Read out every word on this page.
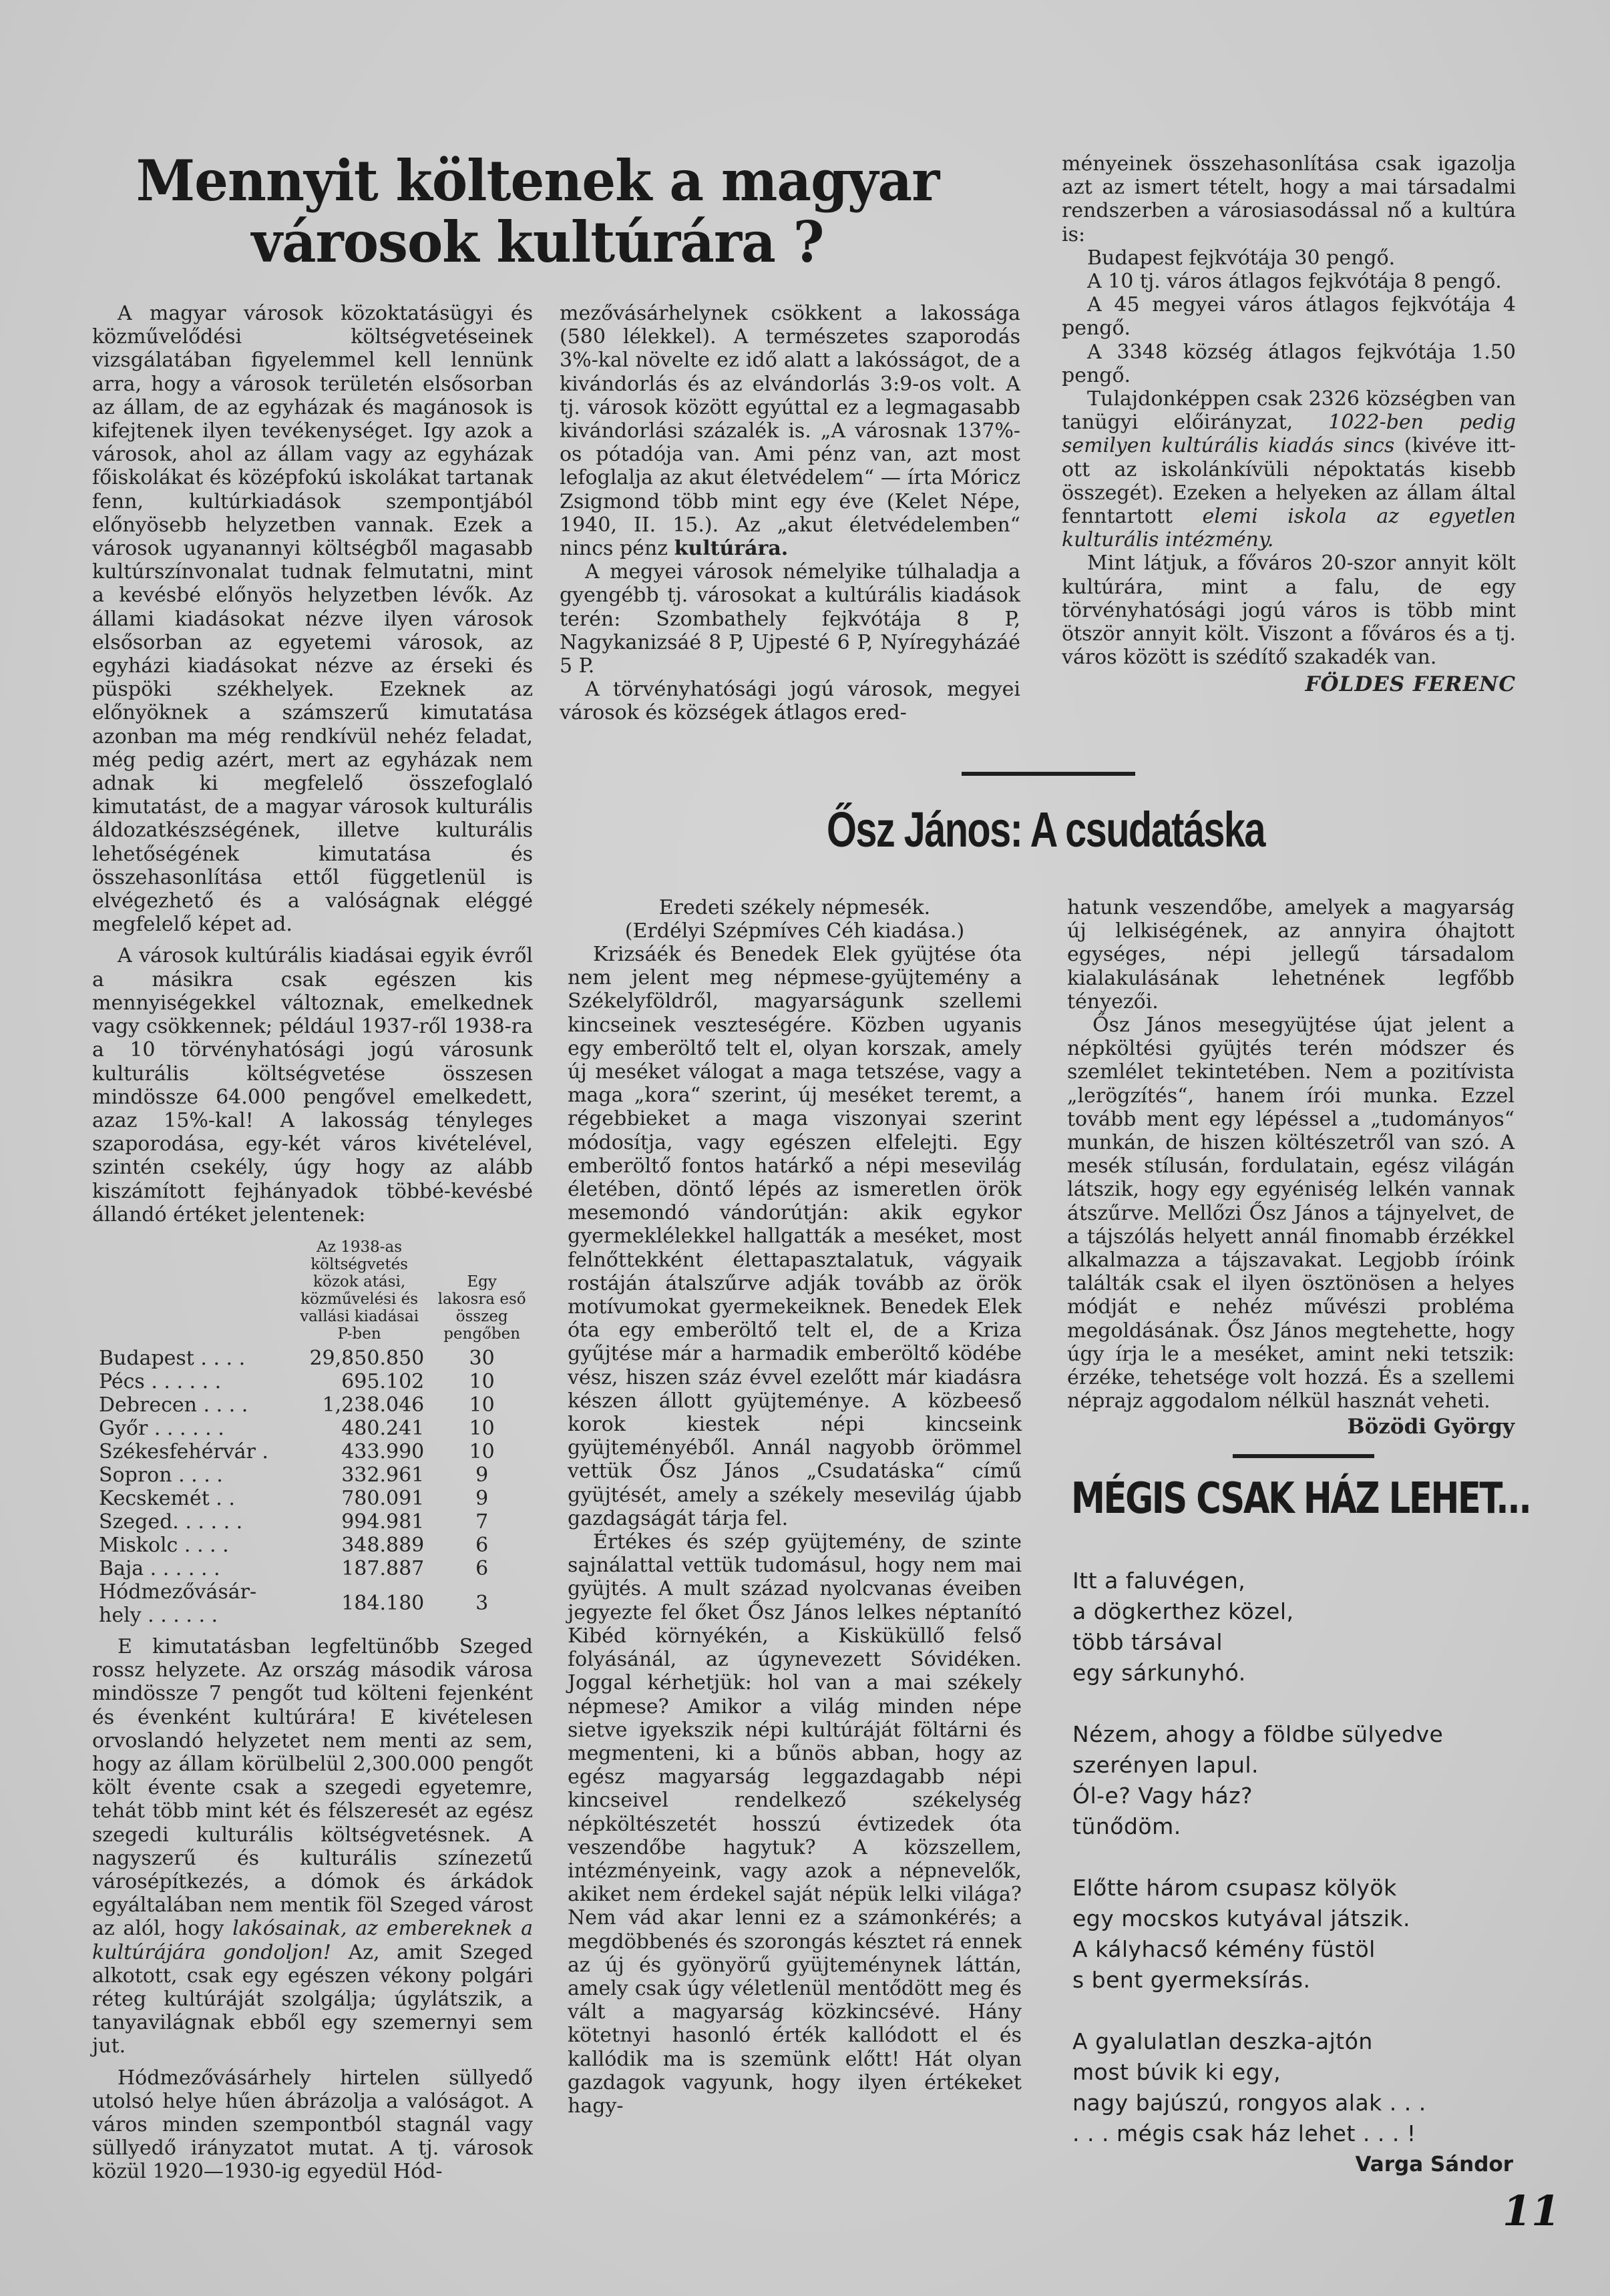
Mennyit költenek a magyar városok kultúrára ?

A magyar városok közoktatásügyi és közművelődési költségvetéseinek vizsgálatában figyelemmel kell lennünk arra, hogy a városok területén elsősorban az állam, de az egyházak és magánosok is kifejtenek ilyen tevékenységet. Igy azok a városok, ahol az állam vagy az egyházak főiskolákat és középfokú iskolákat tartanak fenn, kultúrkiadások szempontjából előnyösebb helyzetben vannak. Ezek a városok ugyanannyi költségből magasabb kultúrszínvonalat tudnak felmutatni, mint a kevésbé előnyös helyzetben lévők. Az állami kiadásokat nézve ilyen városok elsősorban az egyetemi városok, az egyházi kiadásokat nézve az érseki és püspöki székhelyek. Ezeknek az előnyöknek a számszerű kimutatása azonban ma még rendkívül nehéz feladat, még pedig azért, mert az egyházak nem adnak ki megfelelő összefoglaló kimutatást, de a magyar városok kulturális áldozatkészségének, illetve kulturális lehetőségének kimutatása és összehasonlítása ettől függetlenül is elvégezhető és a valóságnak eléggé megfelelő képet ad.

A városok kultúrális kiadásai egyik évről a másikra csak egészen kis mennyiségekkel változnak, emelkednek vagy csökkennek; például 1937-ről 1938-ra a 10 törvényhatósági jogú városunk kulturális költségvetése összesen mindössze 64.000 pengővel emelkedett, azaz 15%-kal! A lakosság tényleges szaporodása, egy-két város kivételével, szintén csekély, úgy hogy az alább kiszámított fejhányadok többé-kevésbé állandó értéket jelentenek:

	Az 1938-as költségvetés közok atási, közművelési és vallási kiadásai P-ben	Egy lakosra eső összeg pengőben
Budapest . . . .	29,850.850	30
Pécs . . . . . .	695.102	10
Debrecen . . . .	1,238.046	10
Győr . . . . . .	480.241	10
Székesfehérvár .	433.990	10
Sopron . . . .	332.961	9
Kecskemét . .	780.091	9
Szeged. . . . . .	994.981	7
Miskolc . . . .	348.889	6
Baja . . . . . .	187.887	6
Hódmezővásár-hely . . . . . .	184.180	3

E kimutatásban legfeltünőbb Szeged rossz helyzete. Az ország második városa mindössze 7 pengőt tud költeni fejenként és évenként kultúrára! E kivételesen orvoslandó helyzetet nem menti az sem, hogy az állam körülbelül 2,300.000 pengőt költ évente csak a szegedi egyetemre, tehát több mint két és félszeresét az egész szegedi kulturális költségvetésnek. A nagyszerű és kulturális színezetű városépítkezés, a dómok és árkádok egyáltalában nem mentik föl Szeged várost az alól, hogy lakósainak, az embereknek a kultúrájára gondoljon! Az, amit Szeged alkotott, csak egy egészen vékony polgári réteg kultúráját szolgálja; úgylátszik, a tanyavilágnak ebből egy szemernyi sem jut.

Hódmezővásárhely hirtelen süllyedő utolsó helye hűen ábrázolja a valóságot. A város minden szempontból stagnál vagy süllyedő irányzatot mutat. A tj. városok közül 1920—1930-ig egyedül Hód-

mezővásárhelynek csökkent a lakossága (580 lélekkel). A természetes szaporodás 3%-kal növelte ez idő alatt a lakósságot, de a kivándorlás és az elvándorlás 3:9-os volt. A tj. városok között egyúttal ez a legmagasabb kivándorlási százalék is. „A városnak 137%-os pótadója van. Ami pénz van, azt most lefoglalja az akut életvédelem“ — írta Móricz Zsigmond több mint egy éve (Kelet Népe, 1940, II. 15.). Az „akut életvédelemben“ nincs pénz kultúrára.

A megyei városok némelyike túlhaladja a gyengébb tj. városokat a kultúrális kiadások terén: Szombathely fejkvótája 8 P, Nagykanizsáé 8 P, Ujpesté 6 P, Nyíregyházáé 5 P.

A törvényhatósági jogú városok, megyei városok és községek átlagos ered-

ményeinek összehasonlítása csak igazolja azt az ismert tételt, hogy a mai társadalmi rendszerben a városiasodással nő a kultúra is:

Budapest fejkvótája 30 pengő.

A 10 tj. város átlagos fejkvótája 8 pengő.

A 45 megyei város átlagos fejkvótája 4 pengő.

A 3348 község átlagos fejkvótája 1.50 pengő.

Tulajdonképpen csak 2326 községben van tanügyi előirányzat, 1022-ben pedig semilyen kultúrális kiadás sincs (kivéve itt-ott az iskolánkívüli népoktatás kisebb összegét). Ezeken a helyeken az állam által fenntartott elemi iskola az egyetlen kulturális intézmény.

Mint látjuk, a főváros 20-szor annyit költ kultúrára, mint a falu, de egy törvényhatósági jogú város is több mint ötször annyit költ. Viszont a főváros és a tj. város között is szédítő szakadék van.

FÖLDES FERENC
Ősz János: A csudatáska

Eredeti székely népmesék.

(Erdélyi Szépmíves Céh kiadása.)

Krizsáék és Benedek Elek gyüjtése óta nem jelent meg népmese-gyüjtemény a Székelyföldről, magyarságunk szellemi kincseinek veszteségére. Közben ugyanis egy emberöltő telt el, olyan korszak, amely új meséket válogat a maga tetszése, vagy a maga „kora“ szerint, új meséket teremt, a régebbieket a maga viszonyai szerint módosítja, vagy egészen elfelejti. Egy emberöltő fontos határkő a népi mesevilág életében, döntő lépés az ismeretlen örök mesemondó vándorútján: akik egykor gyermeklélekkel hallgatták a meséket, most felnőttekként élettapasztalatuk, vágyaik rostáján átalszűrve adják tovább az örök motívumokat gyermekeiknek. Benedek Elek óta egy emberöltő telt el, de a Kriza gyűjtése már a harmadik emberöltő ködébe vész, hiszen száz évvel ezelőtt már kiadásra készen állott gyüjteménye. A közbeeső korok kiestek népi kincseink gyüjteményéből. Annál nagyobb örömmel vettük Ősz János „Csudatáska“ című gyüjtését, amely a székely mesevilág újabb gazdagságát tárja fel.

Értékes és szép gyüjtemény, de szinte sajnálattal vettük tudomásul, hogy nem mai gyüjtés. A mult század nyolcvanas éveiben jegyezte fel őket Ősz János lelkes néptanító Kibéd környékén, a Kisküküllő felső folyásánál, az úgynevezett Sóvidéken. Joggal kérhetjük: hol van a mai székely népmese? Amikor a világ minden népe sietve igyekszik népi kultúráját föltárni és megmenteni, ki a bűnös abban, hogy az egész magyarság leggazdagabb népi kincseivel rendelkező székelység népköltészetét hosszú évtizedek óta veszendőbe hagytuk? A közszellem, intézményeink, vagy azok a népnevelők, akiket nem érdekel saját népük lelki világa? Nem vád akar lenni ez a számonkérés; a megdöbbenés és szorongás késztet rá ennek az új és gyönyörű gyüjteménynek láttán, amely csak úgy véletlenül mentődött meg és vált a magyarság közkincsévé. Hány kötetnyi hasonló érték kallódott el és kallódik ma is szemünk előtt! Hát olyan gazdagok vagyunk, hogy ilyen értékeket hagy-

hatunk veszendőbe, amelyek a magyarság új lelkiségének, az annyira óhajtott egységes, népi jellegű társadalom kialakulásának lehetnének legfőbb tényezői.

Ősz János mesegyüjtése újat jelent a népköltési gyüjtés terén módszer és szemlélet tekintetében. Nem a pozitívista „lerögzítés“, hanem írói munka. Ezzel tovább ment egy lépéssel a „tudományos“ munkán, de hiszen költészetről van szó. A mesék stílusán, fordulatain, egész világán látszik, hogy egy egyéniség lelkén vannak átszűrve. Mellőzi Ősz János a tájnyelvet, de a tájszólás helyett annál finomabb érzékkel alkalmazza a tájszavakat. Legjobb íróink találták csak el ilyen ösztönösen a helyes módját e nehéz művészi probléma megoldásának. Ősz János megtehette, hogy úgy írja le a meséket, amint neki tetszik: érzéke, tehetsége volt hozzá. És a szellemi néprajz aggodalom nélkül hasznát veheti.

Bözödi György
MÉGIS CSAK HÁZ LEHET...
Itt a faluvégen,
a dögkerthez közel,
több társával
egy sárkunyhó.
Nézem, ahogy a földbe sülyedve
szerényen lapul.
Ól-e? Vagy ház?
tünődöm.
Előtte három csupasz kölyök
egy mocskos kutyával játszik.
A kályhacső kémény füstöl
s bent gyermeksírás.
A gyalulatlan deszka-ajtón
most búvik ki egy,
nagy bajúszú, rongyos alak . . .
. . . mégis csak ház lehet . . . !
Varga Sándor
11
